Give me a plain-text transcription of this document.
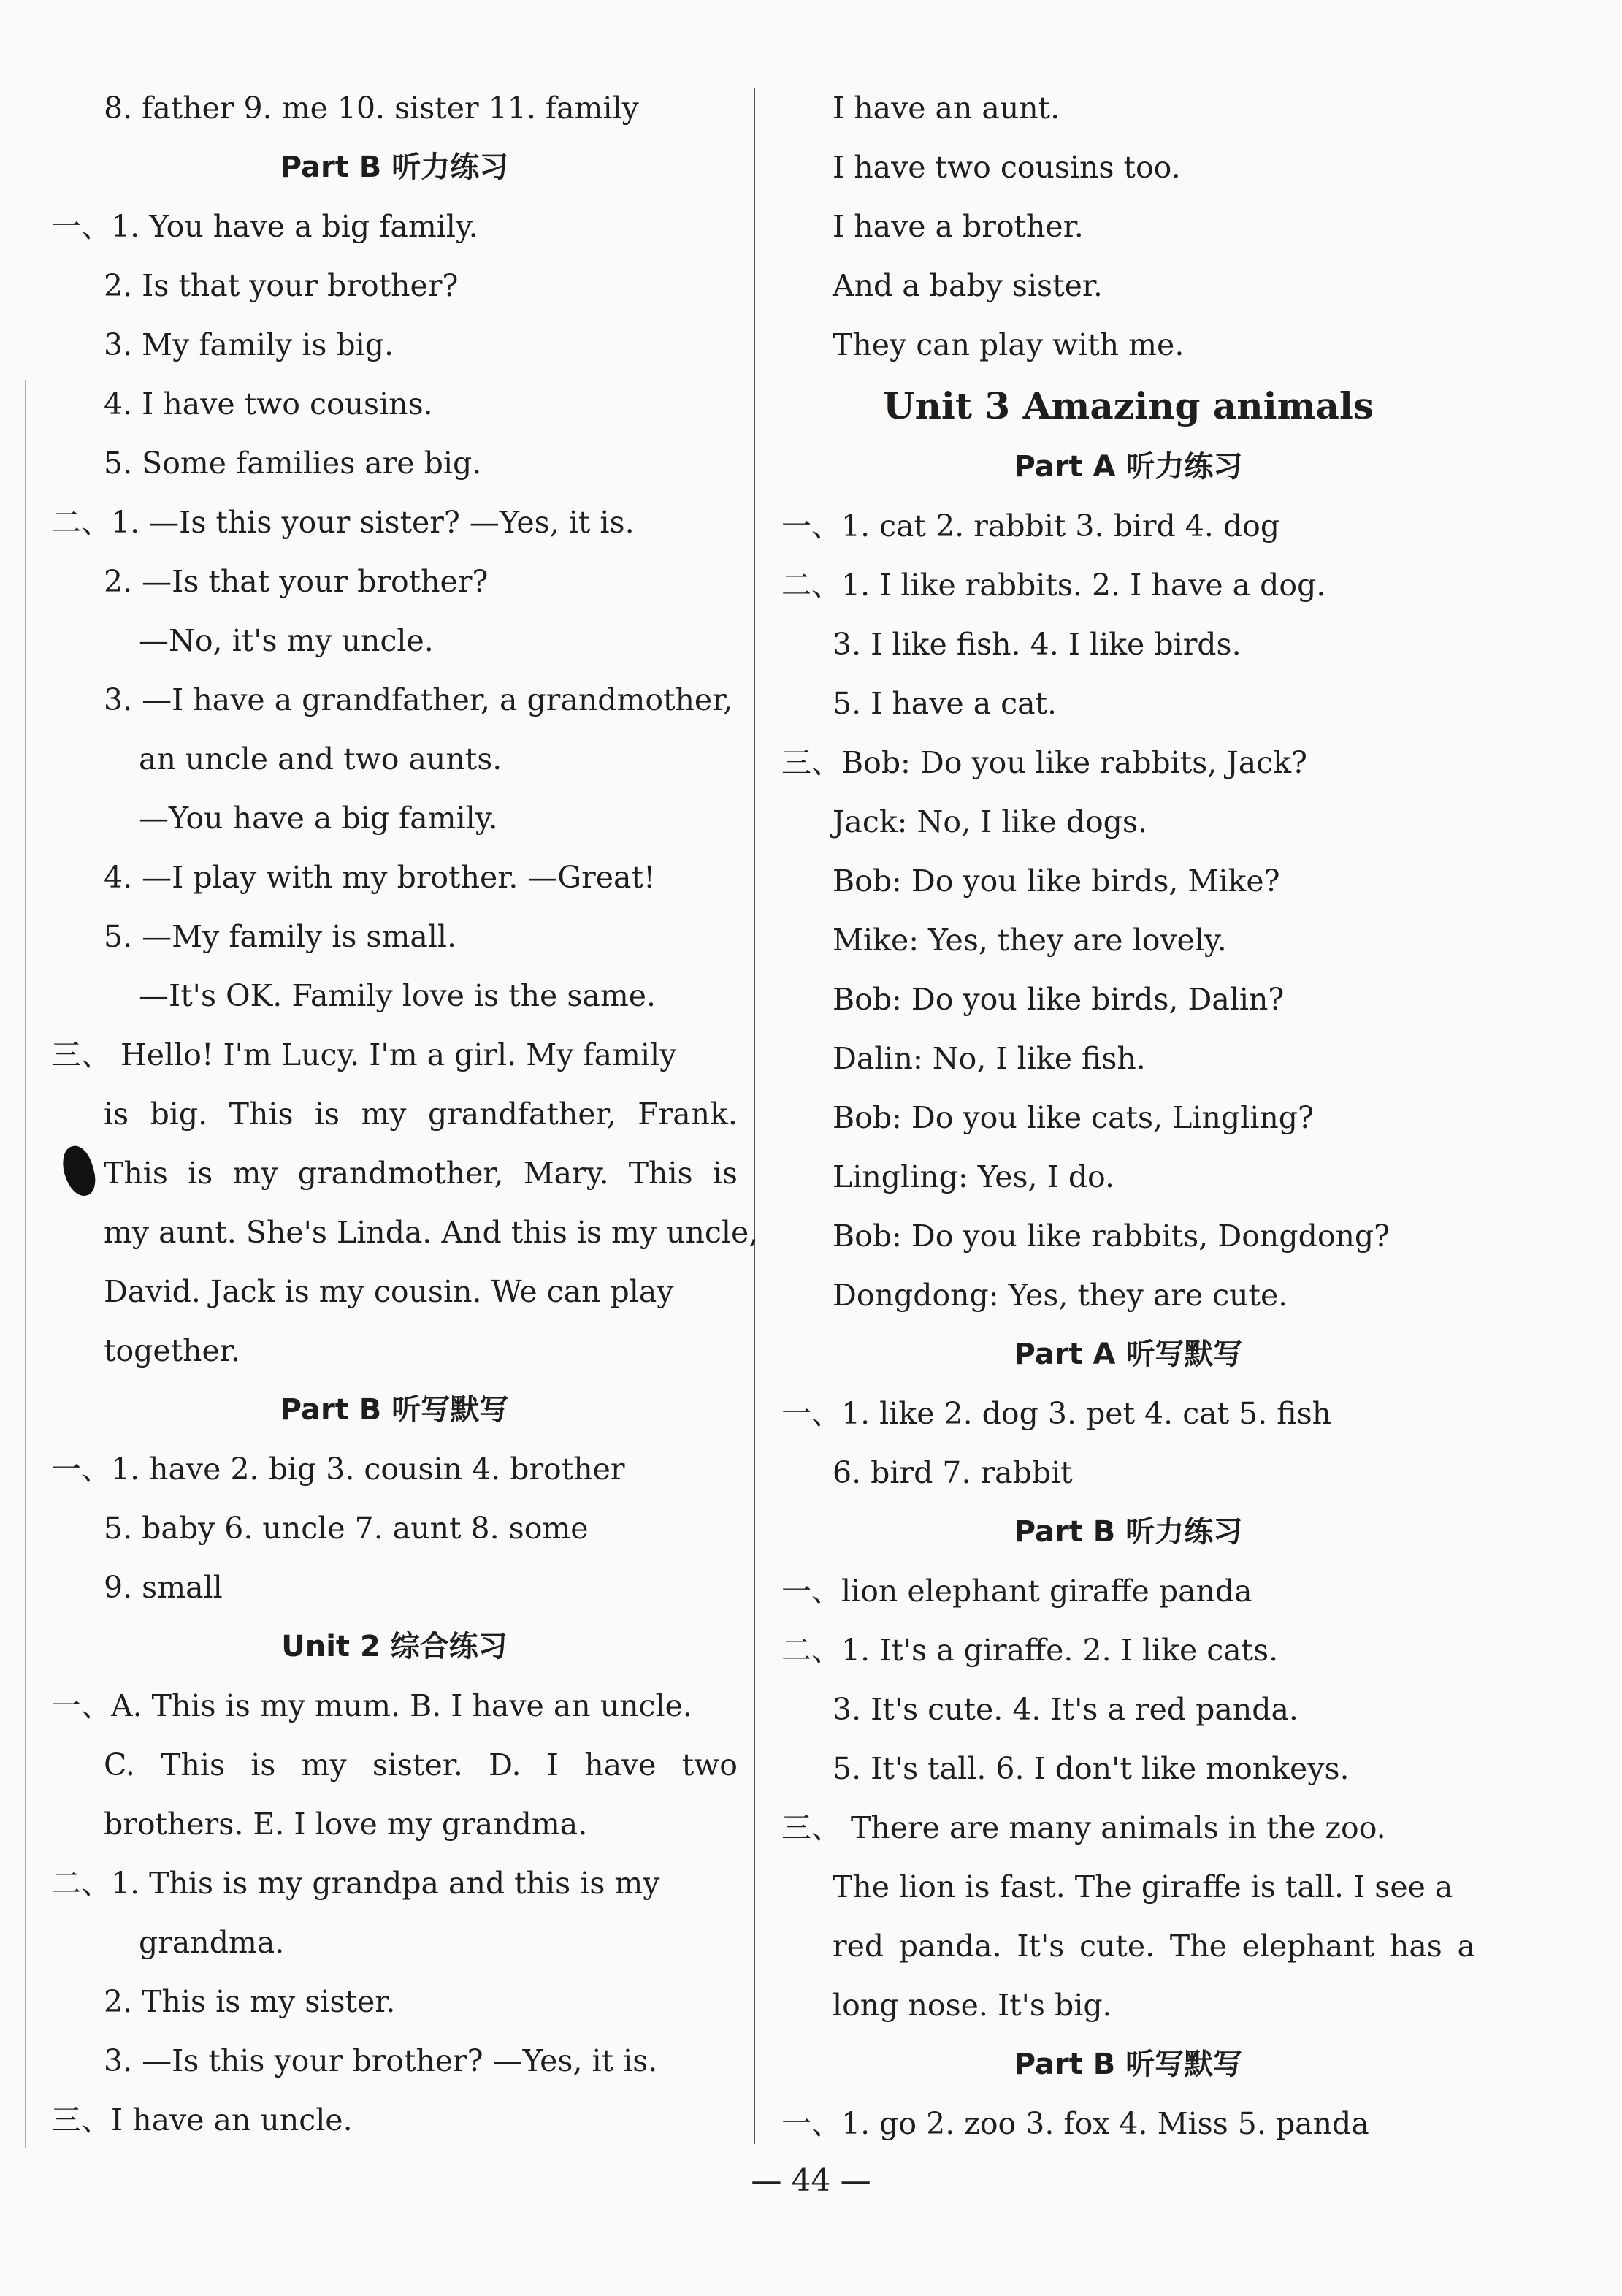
8. father 9. me 10. sister 11. family
Part B 听力练习
一、1. You have a big family.
2. Is that your brother?
3. My family is big.
4. I have two cousins.
5. Some families are big.
二、1. —Is this your sister? —Yes, it is.
2. —Is that your brother?
—No, it's my uncle.
3. —I have a grandfather, a grandmother,
an uncle and two aunts.
—You have a big family.
4. —I play with my brother. —Great!
5. —My family is small.
—It's OK. Family love is the same.
三、 Hello! I'm Lucy. I'm a girl. My family
is big. This is my grandfather, Frank.
This is my grandmother, Mary. This is
my aunt. She's Linda. And this is my uncle,
David. Jack is my cousin. We can play
together.
Part B 听写默写
一、1. have 2. big 3. cousin 4. brother
5. baby 6. uncle 7. aunt 8. some
9. small
Unit 2 综合练习
一、A. This is my mum. B. I have an uncle.
C. This is my sister. D. I have two
brothers. E. I love my grandma.
二、1. This is my grandpa and this is my
grandma.
2. This is my sister.
3. —Is this your brother? —Yes, it is.
三、I have an uncle.
I have an aunt.
I have two cousins too.
I have a brother.
And a baby sister.
They can play with me.
Unit 3 Amazing animals
Part A 听力练习
一、1. cat 2. rabbit 3. bird 4. dog
二、1. I like rabbits. 2. I have a dog.
3. I like fish. 4. I like birds.
5. I have a cat.
三、Bob: Do you like rabbits, Jack?
Jack: No, I like dogs.
Bob: Do you like birds, Mike?
Mike: Yes, they are lovely.
Bob: Do you like birds, Dalin?
Dalin: No, I like fish.
Bob: Do you like cats, Lingling?
Lingling: Yes, I do.
Bob: Do you like rabbits, Dongdong?
Dongdong: Yes, they are cute.
Part A 听写默写
一、1. like 2. dog 3. pet 4. cat 5. fish
6. bird 7. rabbit
Part B 听力练习
一、lion elephant giraffe panda
二、1. It's a giraffe. 2. I like cats.
3. It's cute. 4. It's a red panda.
5. It's tall. 6. I don't like monkeys.
三、 There are many animals in the zoo.
The lion is fast. The giraffe is tall. I see a
red panda. It's cute. The elephant has a
long nose. It's big.
Part B 听写默写
一、1. go 2. zoo 3. fox 4. Miss 5. panda
— 44 —
